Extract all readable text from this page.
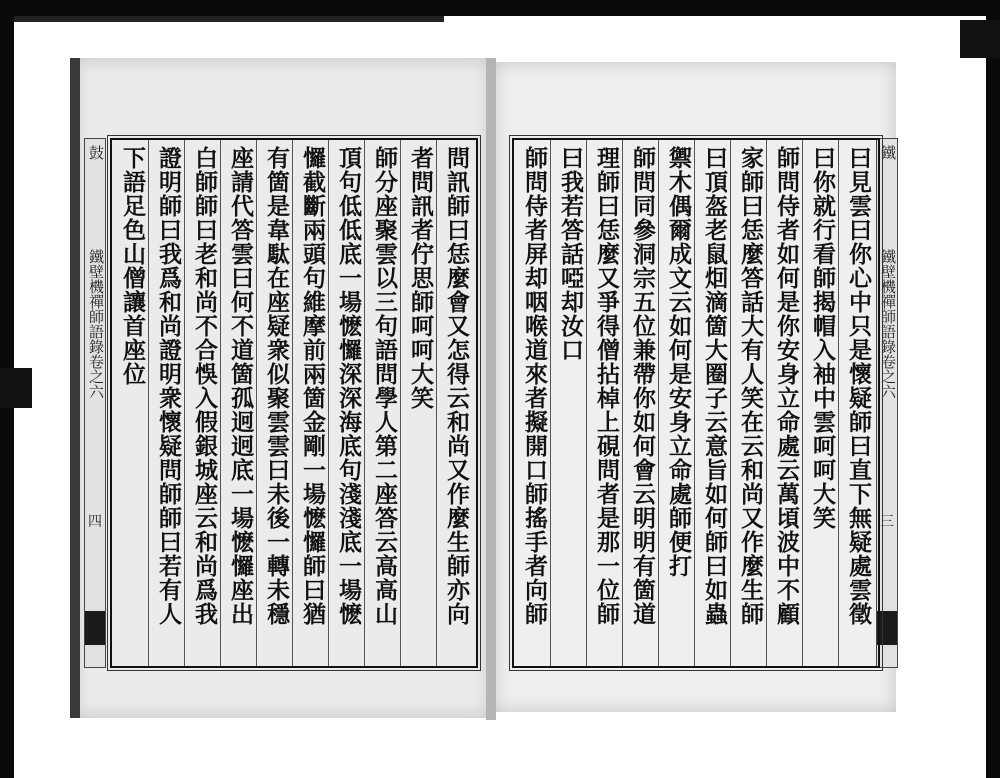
鼓
鐵壁機禪師語錄卷之六
四
鐵
鐵壁機禪師語錄卷之六
三
問訊師曰恁麼會又怎得云和尚又作麼生師亦向
者問訊者佇思師呵呵大笑
師分座聚雲以三句語問學人第二座答云高高山
頂句低低底一場懡㦬深深海底句淺淺底一場懡
㦬截斷兩頭句維摩前兩箇金剛一場懡㦬師曰猶
有箇是韋駄在座疑衆似聚雲雲曰未後一轉未穩
座請代答雲曰何不道箇孤迥迥底一場懡㦬座出
白師師曰老和尚不合悞入假銀城座云和尚爲我
證明師曰我爲和尚證明衆懷疑問師師曰若有人
下語足色山僧讓首座位	曰見雲曰你心中只是懷疑師曰直下無疑處雲徵
曰你就行看師揭帽入袖中雲呵呵大笑
師問侍者如何是你安身立命處云萬頃波中不顧
家師曰恁麼答話大有人笑在云和尚又作麼生師
曰頂盔老鼠𤇆滴箇大圈子云意旨如何師曰如蟲
禦木偶爾成文云如何是安身立命處師便打
師問同參洞宗五位兼帶你如何會云明明有箇道
理師曰恁麼又爭得僧拈棹上硯問者是那一位師
曰我若答話啞却汝口
師問侍者屏却咽喉道來者擬開口師搖手者向師
